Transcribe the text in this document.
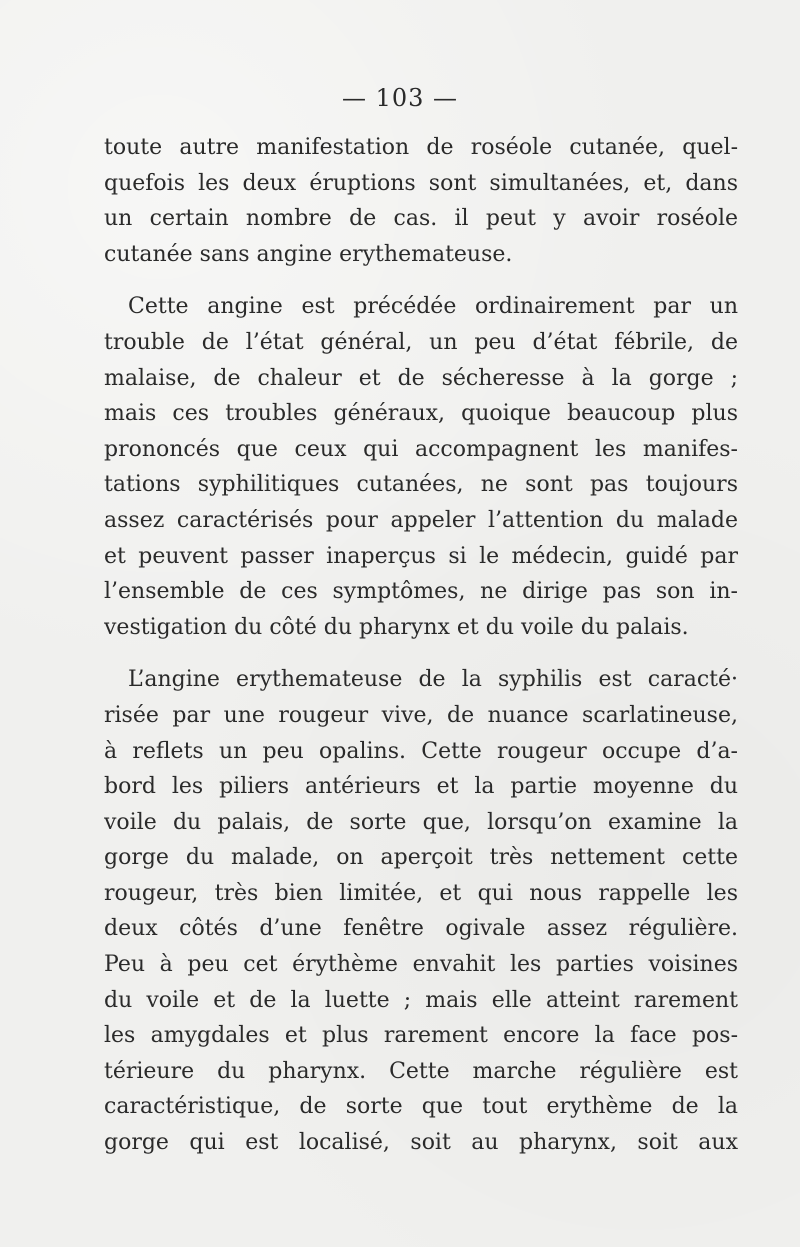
— 103 —

toute autre manifestation de roséole cutanée, quel-
quefois les deux éruptions sont simultanées, et, dans
un certain nombre de cas. il peut y avoir roséole
cutanée sans angine erythemateuse.

Cette angine est précédée ordinairement par un
trouble de l’état général, un peu d’état fébrile, de
malaise, de chaleur et de sécheresse à la gorge ;
mais ces troubles généraux, quoique beaucoup plus
prononcés que ceux qui accompagnent les manifes-
tations syphilitiques cutanées, ne sont pas toujours
assez caractérisés pour appeler l’attention du malade
et peuvent passer inaperçus si le médecin, guidé par
l’ensemble de ces symptômes, ne dirige pas son in-
vestigation du côté du pharynx et du voile du palais.

L’angine erythemateuse de la syphilis est caracté·
risée par une rougeur vive, de nuance scarlatineuse,
à reflets un peu opalins. Cette rougeur occupe d’a-
bord les piliers antérieurs et la partie moyenne du
voile du palais, de sorte que, lorsqu’on examine la
gorge du malade, on aperçoit très nettement cette
rougeur, très bien limitée, et qui nous rappelle les
deux côtés d’une fenêtre ogivale assez régulière.
Peu à peu cet érythème envahit les parties voisines
du voile et de la luette ; mais elle atteint rarement
les amygdales et plus rarement encore la face pos-
térieure du pharynx. Cette marche régulière est
caractéristique, de sorte que tout erythème de la
gorge qui est localisé, soit au pharynx, soit aux
